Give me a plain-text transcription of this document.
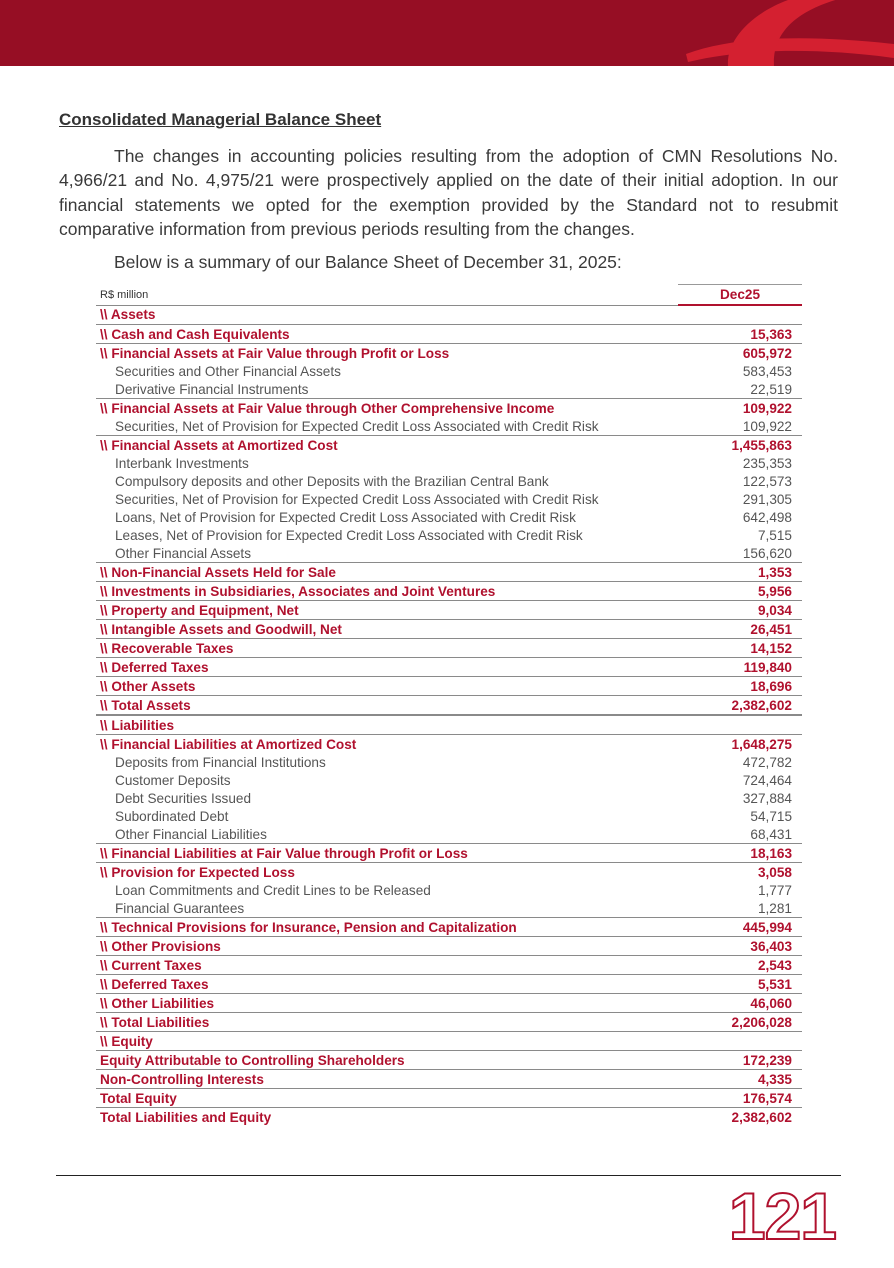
Consolidated Managerial Balance Sheet

The changes in accounting policies resulting from the adoption of CMN Resolutions No. 4,966/21 and No. 4,975/21 were prospectively applied on the date of their initial adoption. In our financial statements we opted for the exemption provided by the Standard not to resubmit comparative information from previous periods resulting from the changes.

Below is a summary of our Balance Sheet of December 31, 2025:

R$ million	Dec25
\\ Assets	
\\ Cash and Cash Equivalents	15,363
\\ Financial Assets at Fair Value through Profit or Loss	605,972
Securities and Other Financial Assets	583,453
Derivative Financial Instruments	22,519
\\ Financial Assets at Fair Value through Other Comprehensive Income	109,922
Securities, Net of Provision for Expected Credit Loss Associated with Credit Risk	109,922
\\ Financial Assets at Amortized Cost	1,455,863
Interbank Investments	235,353
Compulsory deposits and other Deposits with the Brazilian Central Bank	122,573
Securities, Net of Provision for Expected Credit Loss Associated with Credit Risk	291,305
Loans, Net of Provision for Expected Credit Loss Associated with Credit Risk	642,498
Leases, Net of Provision for Expected Credit Loss Associated with Credit Risk	7,515
Other Financial Assets	156,620
\\ Non-Financial Assets Held for Sale	1,353
\\ Investments in Subsidiaries, Associates and Joint Ventures	5,956
\\ Property and Equipment, Net	9,034
\\ Intangible Assets and Goodwill, Net	26,451
\\ Recoverable Taxes	14,152
\\ Deferred Taxes	119,840
\\ Other Assets	18,696
\\ Total Assets	2,382,602
\\ Liabilities	
\\ Financial Liabilities at Amortized Cost	1,648,275
Deposits from Financial Institutions	472,782
Customer Deposits	724,464
Debt Securities Issued	327,884
Subordinated Debt	54,715
Other Financial Liabilities	68,431
\\ Financial Liabilities at Fair Value through Profit or Loss	18,163
\\ Provision for Expected Loss	3,058
Loan Commitments and Credit Lines to be Released	1,777
Financial Guarantees	1,281
\\ Technical Provisions for Insurance, Pension and Capitalization	445,994
\\ Other Provisions	36,403
\\ Current Taxes	2,543
\\ Deferred Taxes	5,531
\\ Other Liabilities	46,060
\\ Total Liabilities	2,206,028
\\ Equity	
Equity Attributable to Controlling Shareholders	172,239
Non-Controlling Interests	4,335
Total Equity	176,574
Total Liabilities and Equity	2,382,602
121
